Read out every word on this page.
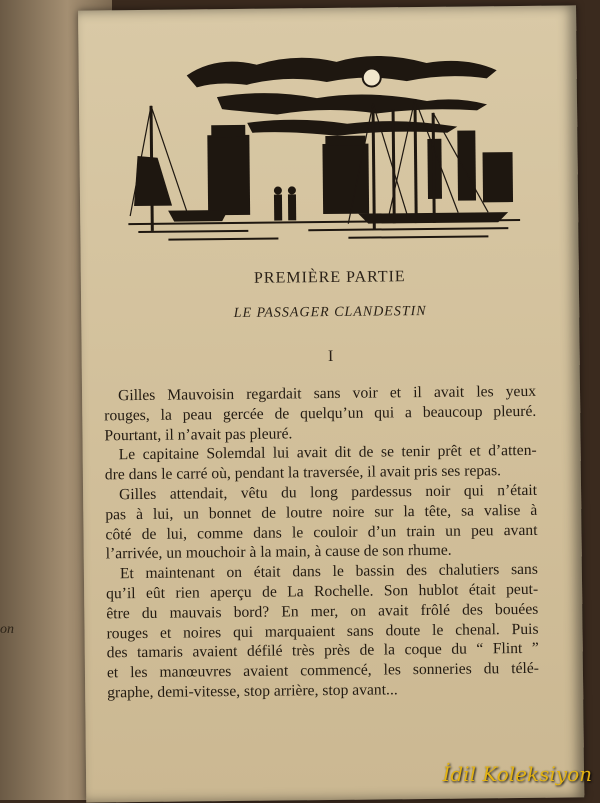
on
PREMIÈRE PARTIE
LE PASSAGER CLANDESTIN
I
Gilles Mauvoisin regardait sans voir et il avait les yeux
rouges, la peau gercée de quelqu’un qui a beaucoup pleuré.
Pourtant, il n’avait pas pleuré.
Le capitaine Solemdal lui avait dit de se tenir prêt et d’atten-
dre dans le carré où, pendant la traversée, il avait pris ses repas.
Gilles attendait, vêtu du long pardessus noir qui n’était
pas à lui, un bonnet de loutre noire sur la tête, sa valise à
côté de lui, comme dans le couloir d’un train un peu avant
l’arrivée, un mouchoir à la main, à cause de son rhume.
Et maintenant on était dans le bassin des chalutiers sans
qu’il eût rien aperçu de La Rochelle. Son hublot était peut-
être du mauvais bord? En mer, on avait frôlé des bouées
rouges et noires qui marquaient sans doute le chenal. Puis
des tamaris avaient défilé très près de la coque du “ Flint ”
et les manœuvres avaient commencé, les sonneries du télé-
graphe, demi-vitesse, stop arrière, stop avant...
İdil Koleksiyon
